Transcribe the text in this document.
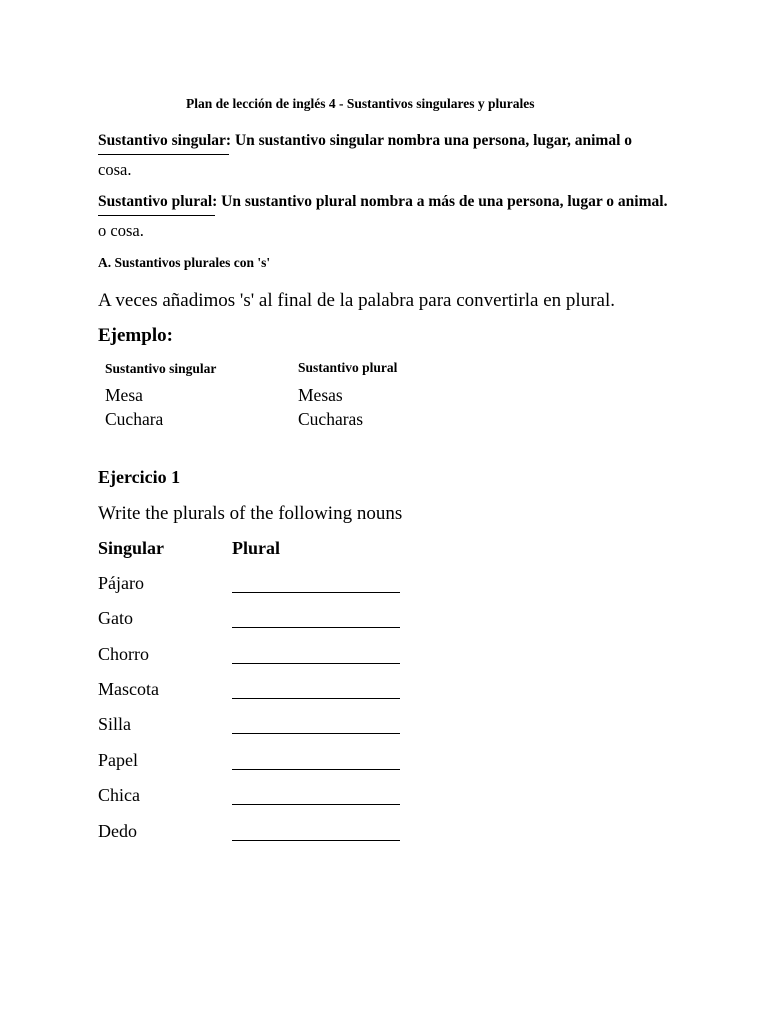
Plan de lección de inglés 4 - Sustantivos singulares y plurales
Sustantivo singular: Un sustantivo singular nombra una persona, lugar, animal o
cosa.
Sustantivo plural: Un sustantivo plural nombra a más de una persona, lugar o animal.
o cosa.
A. Sustantivos plurales con 's'
A veces añadimos 's' al final de la palabra para convertirla en plural.
Ejemplo:
Sustantivo singular	Sustantivo plural
Mesa	Mesas
Cuchara	Cucharas
Ejercicio 1
Write the plurals of the following nouns
Singular	Plural
Pájaro
Gato
Chorro
Mascota
Silla
Papel
Chica
Dedo
